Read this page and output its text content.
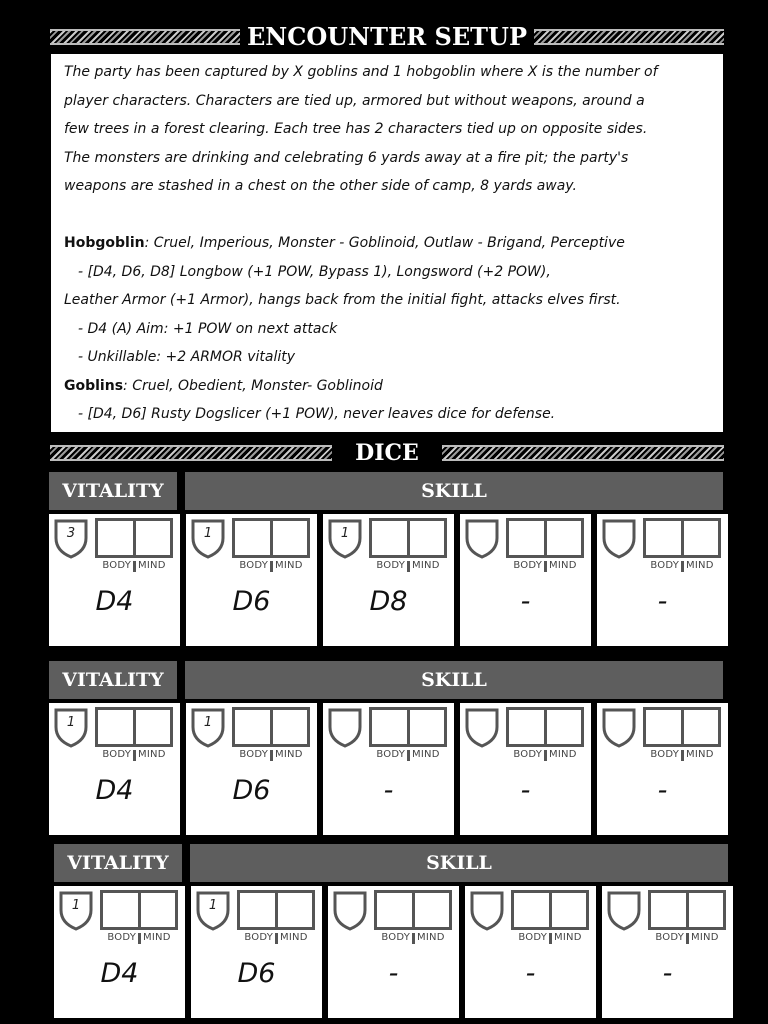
ENCOUNTER SETUP

The party has been captured by X goblins and 1 hobgoblin where X is the number of

player characters. Characters are tied up, armored but without weapons, around a

few trees in a forest clearing. Each tree has 2 characters tied up on opposite sides.

The monsters are drinking and celebrating 6 yards away at a fire pit; the party's

weapons are stashed in a chest on the other side of camp, 8 yards away.

Hobgoblin: Cruel, Imperious, Monster - Goblinoid, Outlaw - Brigand, Perceptive

- [D4, D6, D8] Longbow (+1 POW, Bypass 1), Longsword (+2 POW),

Leather Armor (+1 Armor), hangs back from the initial fight, attacks elves first.

- D4 (A) Aim: +1 POW on next attack

- Unkillable: +2 ARMOR vitality

Goblins: Cruel, Obedient, Monster- Goblinoid

- [D4, D6] Rusty Dogslicer (+1 POW), never leaves dice for defense.

DICE
VITALITY	SKILL
3
BODY MIND
D4
1
BODY MIND
D6
1
BODY MIND
D8
BODY MIND
-
BODY MIND
-
VITALITY	SKILL
1
BODY MIND
D4
1
BODY MIND
D6
BODY MIND
-
BODY MIND
-
BODY MIND
-
VITALITY	SKILL
1
BODY MIND
D4
1
BODY MIND
D6
BODY MIND
-
BODY MIND
-
BODY MIND
-
